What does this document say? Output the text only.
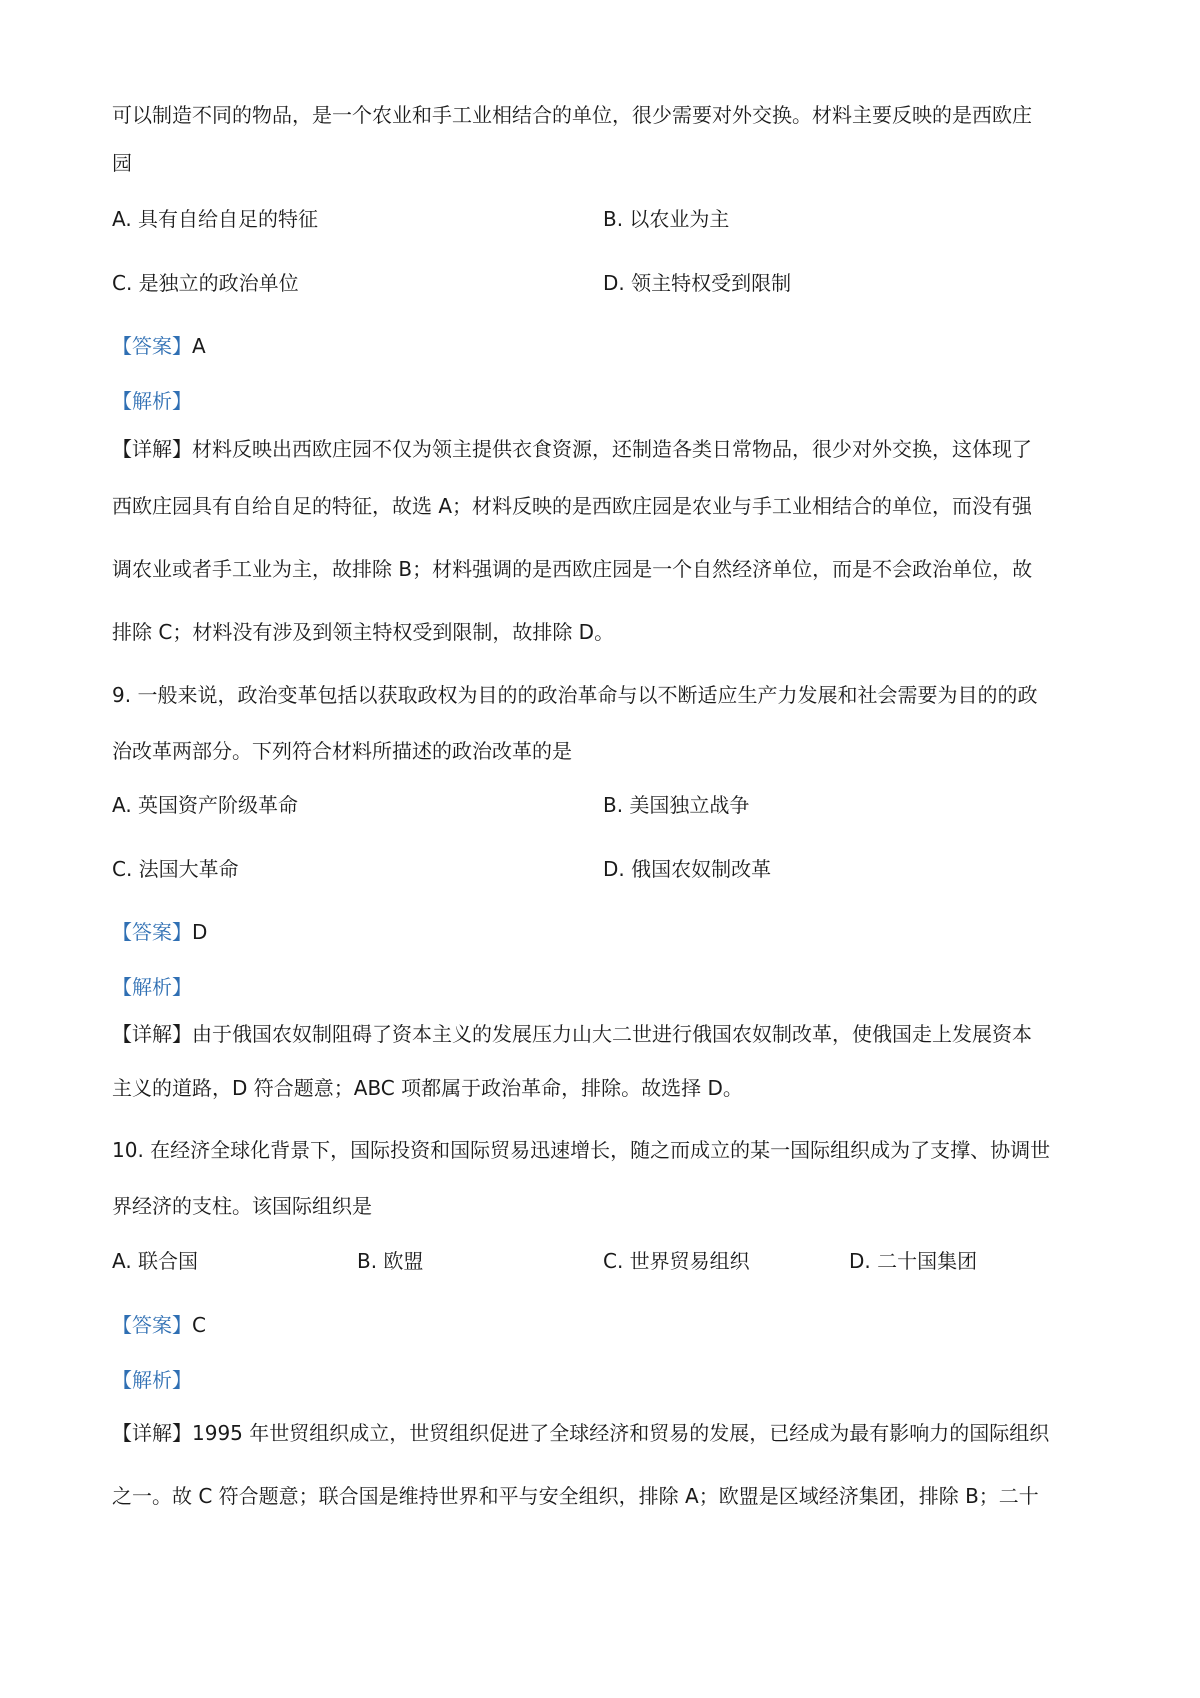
可以制造不同的物品，是一个农业和手工业相结合的单位，很少需要对外交换。材料主要反映的是西欧庄
园
A. 具有自给自足的特征	B. 以农业为主
C. 是独立的政治单位	D. 领主特权受到限制
【答案】A
【解析】
【详解】材料反映出西欧庄园不仅为领主提供衣食资源，还制造各类日常物品，很少对外交换，这体现了
西欧庄园具有自给自足的特征，故选 A；材料反映的是西欧庄园是农业与手工业相结合的单位，而没有强
调农业或者手工业为主，故排除 B；材料强调的是西欧庄园是一个自然经济单位，而是不会政治单位，故
排除 C；材料没有涉及到领主特权受到限制，故排除 D。
9. 一般来说，政治变革包括以获取政权为目的的政治革命与以不断适应生产力发展和社会需要为目的的政
治改革两部分。下列符合材料所描述的政治改革的是
A. 英国资产阶级革命	B. 美国独立战争
C. 法国大革命	D. 俄国农奴制改革
【答案】D
【解析】
【详解】由于俄国农奴制阻碍了资本主义的发展压力山大二世进行俄国农奴制改革，使俄国走上发展资本
主义的道路，D 符合题意；ABC 项都属于政治革命，排除。故选择 D。
10. 在经济全球化背景下，国际投资和国际贸易迅速增长，随之而成立的某一国际组织成为了支撑、协调世
界经济的支柱。该国际组织是
A. 联合国	B. 欧盟	C. 世界贸易组织	D. 二十国集团
【答案】C
【解析】
【详解】1995 年世贸组织成立，世贸组织促进了全球经济和贸易的发展，已经成为最有影响力的国际组织
之一。故 C 符合题意；联合国是维持世界和平与安全组织，排除 A；欧盟是区域经济集团，排除 B；二十
